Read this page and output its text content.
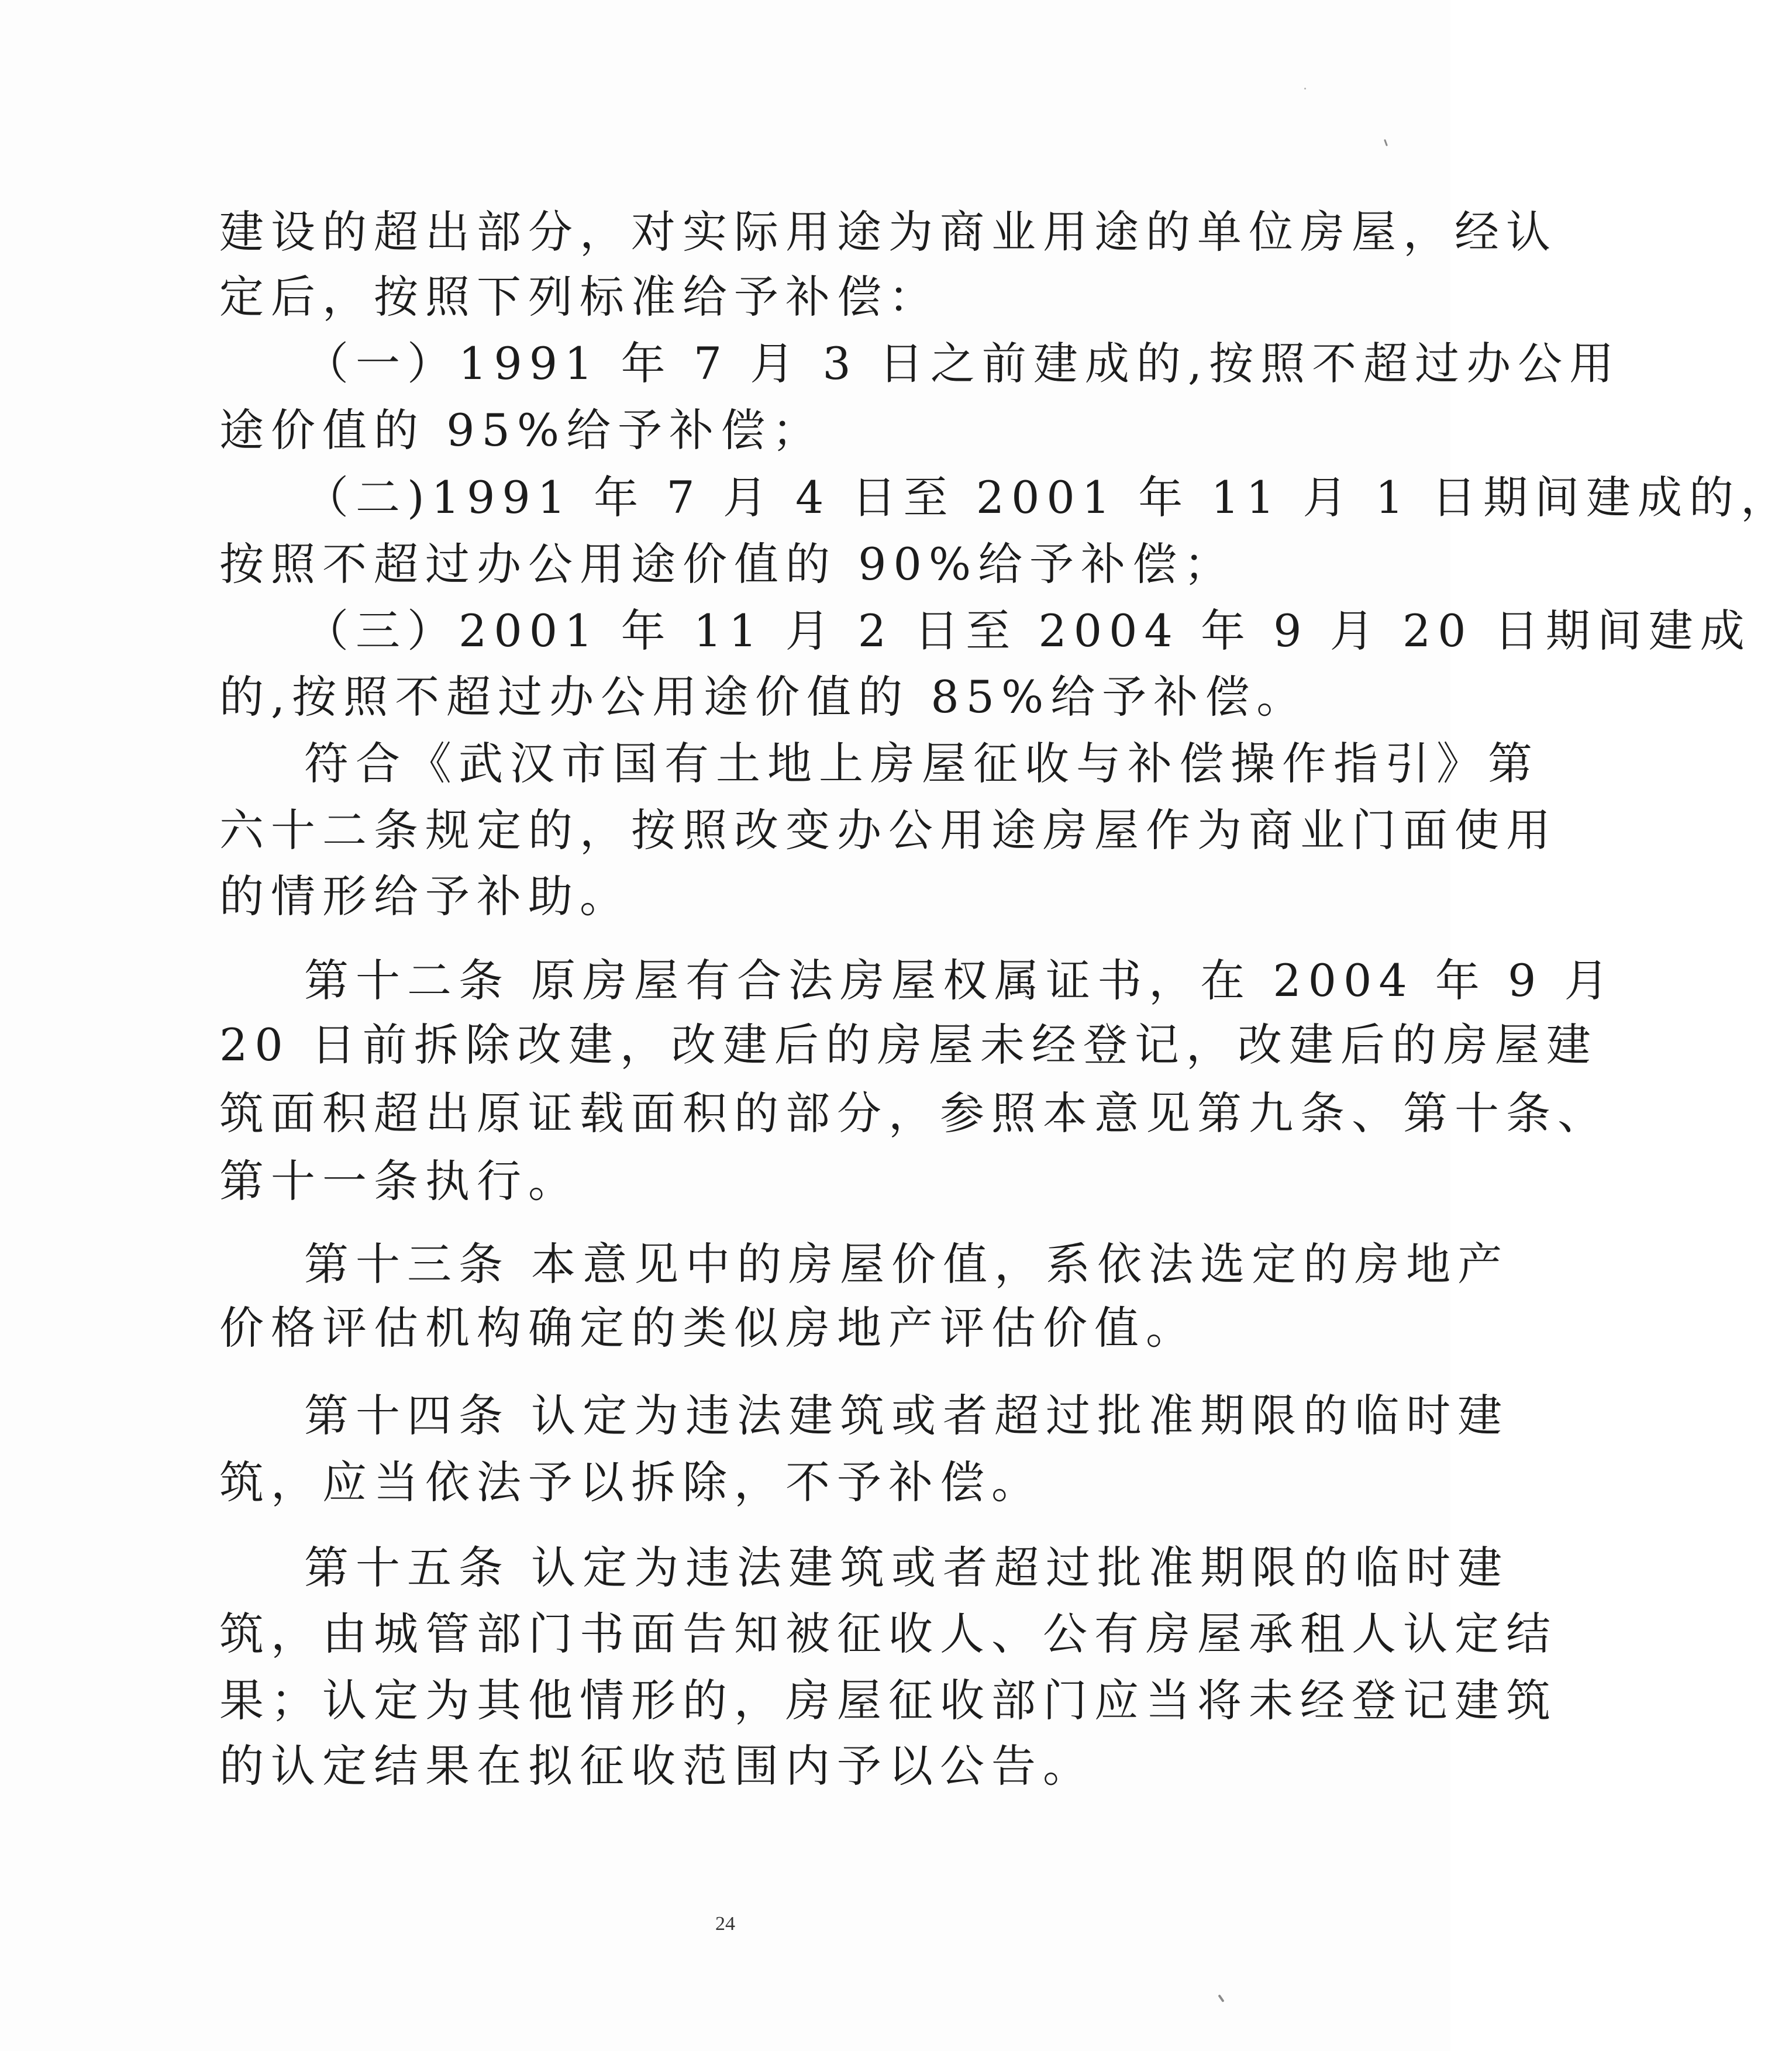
建设的超出部分，对实际用途为商业用途的单位房屋，经认
定后，按照下列标准给予补偿：
（一）1991 年 7 月 3 日之前建成的,按照不超过办公用
途价值的 95%给予补偿；
（二)1991 年 7 月 4 日至 2001 年 11 月 1 日期间建成的，
按照不超过办公用途价值的 90%给予补偿；
（三）2001 年 11 月 2 日至 2004 年 9 月 20 日期间建成
的,按照不超过办公用途价值的 85%给予补偿。
符合《武汉市国有土地上房屋征收与补偿操作指引》第
六十二条规定的，按照改变办公用途房屋作为商业门面使用
的情形给予补助。
第十二条 原房屋有合法房屋权属证书，在 2004 年 9 月
20 日前拆除改建，改建后的房屋未经登记，改建后的房屋建
筑面积超出原证载面积的部分，参照本意见第九条、第十条、
第十一条执行。
第十三条 本意见中的房屋价值，系依法选定的房地产
价格评估机构确定的类似房地产评估价值。
第十四条 认定为违法建筑或者超过批准期限的临时建
筑，应当依法予以拆除，不予补偿。
第十五条 认定为违法建筑或者超过批准期限的临时建
筑，由城管部门书面告知被征收人、公有房屋承租人认定结
果；认定为其他情形的，房屋征收部门应当将未经登记建筑
的认定结果在拟征收范围内予以公告。
24
